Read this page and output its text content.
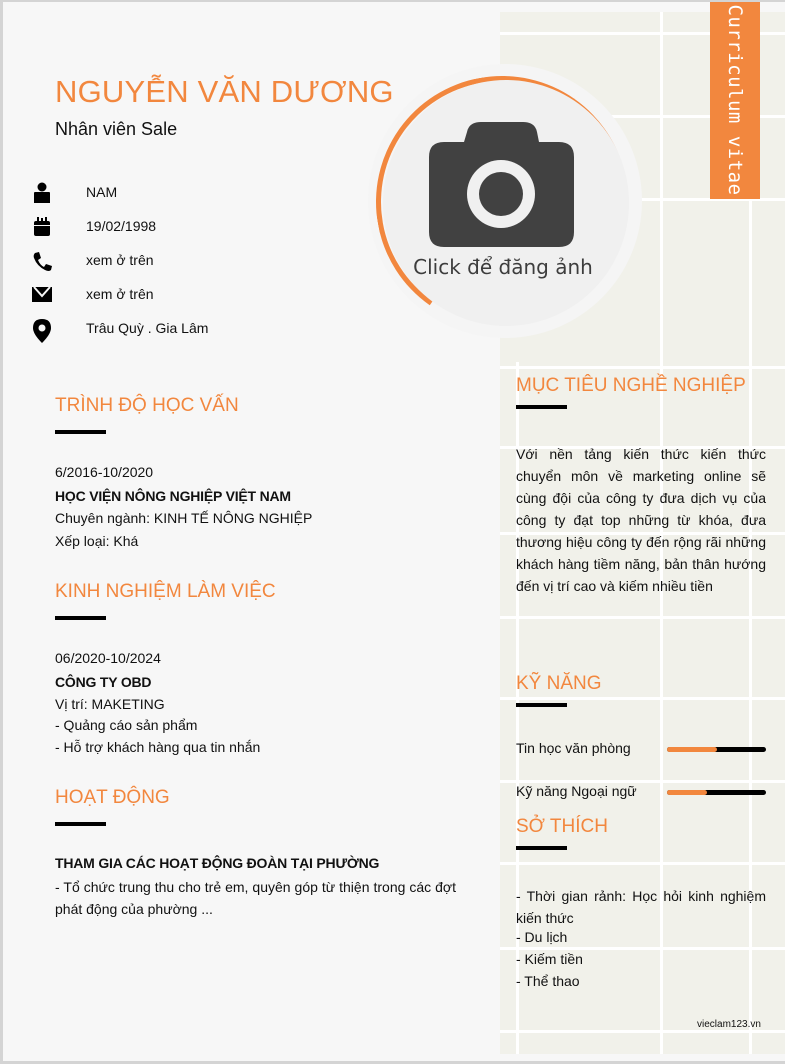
Curriculum vitae
NGUYỄN VĂN DƯƠNG
Nhân viên Sale
Click để đăng ảnh
NAM
19/02/1998
xem ở trên
xem ở trên
Trâu Quỳ . Gia Lâm
TRÌNH ĐỘ HỌC VẤN
6/2016-10/2020
HỌC VIỆN NÔNG NGHIỆP VIỆT NAM
Chuyên ngành: KINH TẾ NÔNG NGHIỆP
Xếp loại: Khá
KINH NGHIỆM LÀM VIỆC
06/2020-10/2024
CÔNG TY OBD
Vị trí: MAKETING
- Quảng cáo sản phẩm
- Hỗ trợ khách hàng qua tin nhắn
HOẠT ĐỘNG
THAM GIA CÁC HOẠT ĐỘNG ĐOÀN TẠI PHƯỜNG
- Tổ chức trung thu cho trẻ em, quyên góp từ thiện trong các đợt phát động của phường ...
MỤC TIÊU NGHỀ NGHIỆP
Với nền tảng kiến thức kiến thức chuyển môn về marketing online sẽ cùng đội của công ty đưa dịch vụ của công ty đạt top những từ khóa, đưa thương hiệu công ty đến rộng rãi những khách hàng tiềm năng, bản thân hướng đến vị trí cao và kiếm nhiều tiền
KỸ NĂNG
Tin học văn phòng
Kỹ năng Ngoại ngữ
SỞ THÍCH
- Thời gian rảnh: Học hỏi kinh nghiệm kiến thức
- Du lịch
- Kiếm tiền
- Thể thao
vieclam123.vn
